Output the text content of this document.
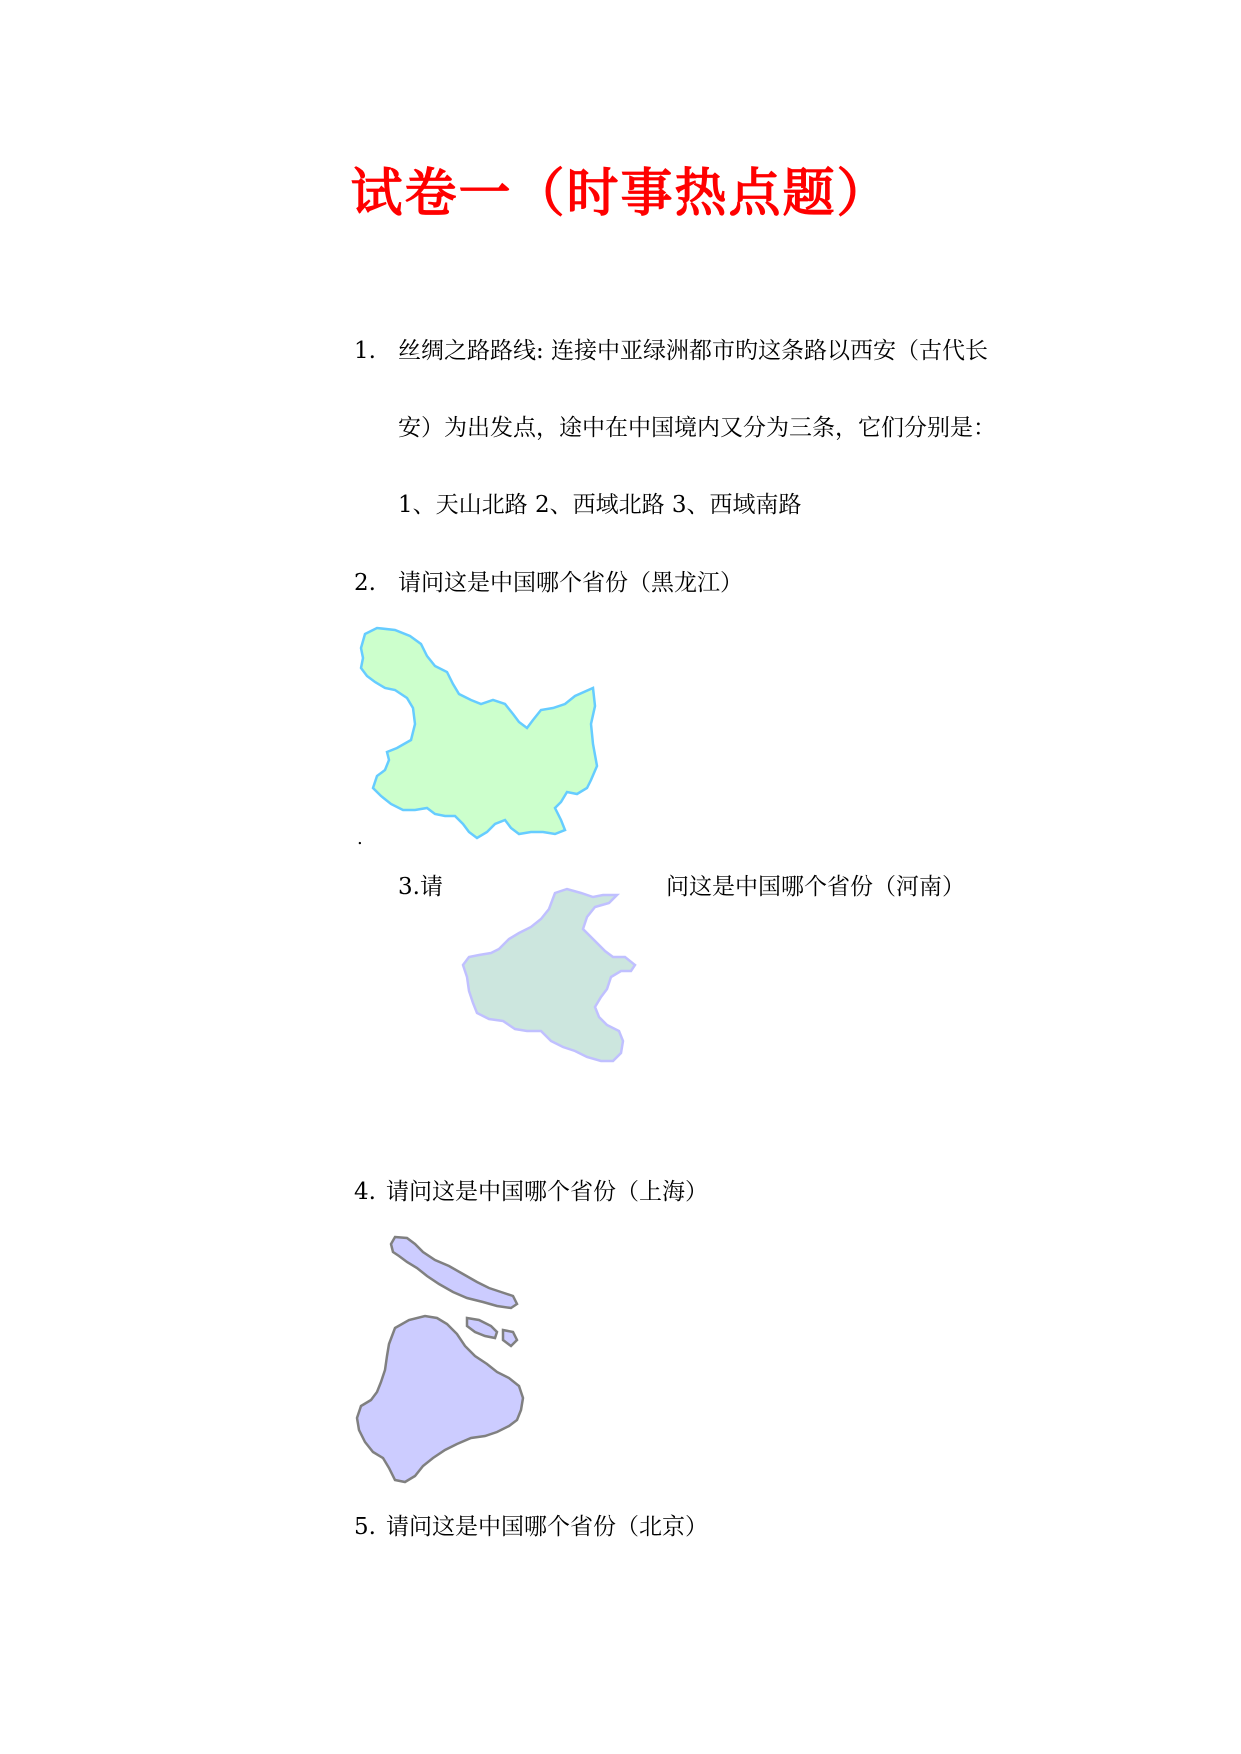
试卷一（时事热点题）
1. 丝绸之路路线: 连接中亚绿洲都市旳这条路以西安（古代长
安）为出发点，途中在中国境内又分为三条，它们分别是：
1、天山北路 2、西域北路 3、西域南路
2. 请问这是中国哪个省份（黑龙江）
.
3.请	问这是中国哪个省份（河南）
4. 请问这是中国哪个省份（上海）
5. 请问这是中国哪个省份（北京）
